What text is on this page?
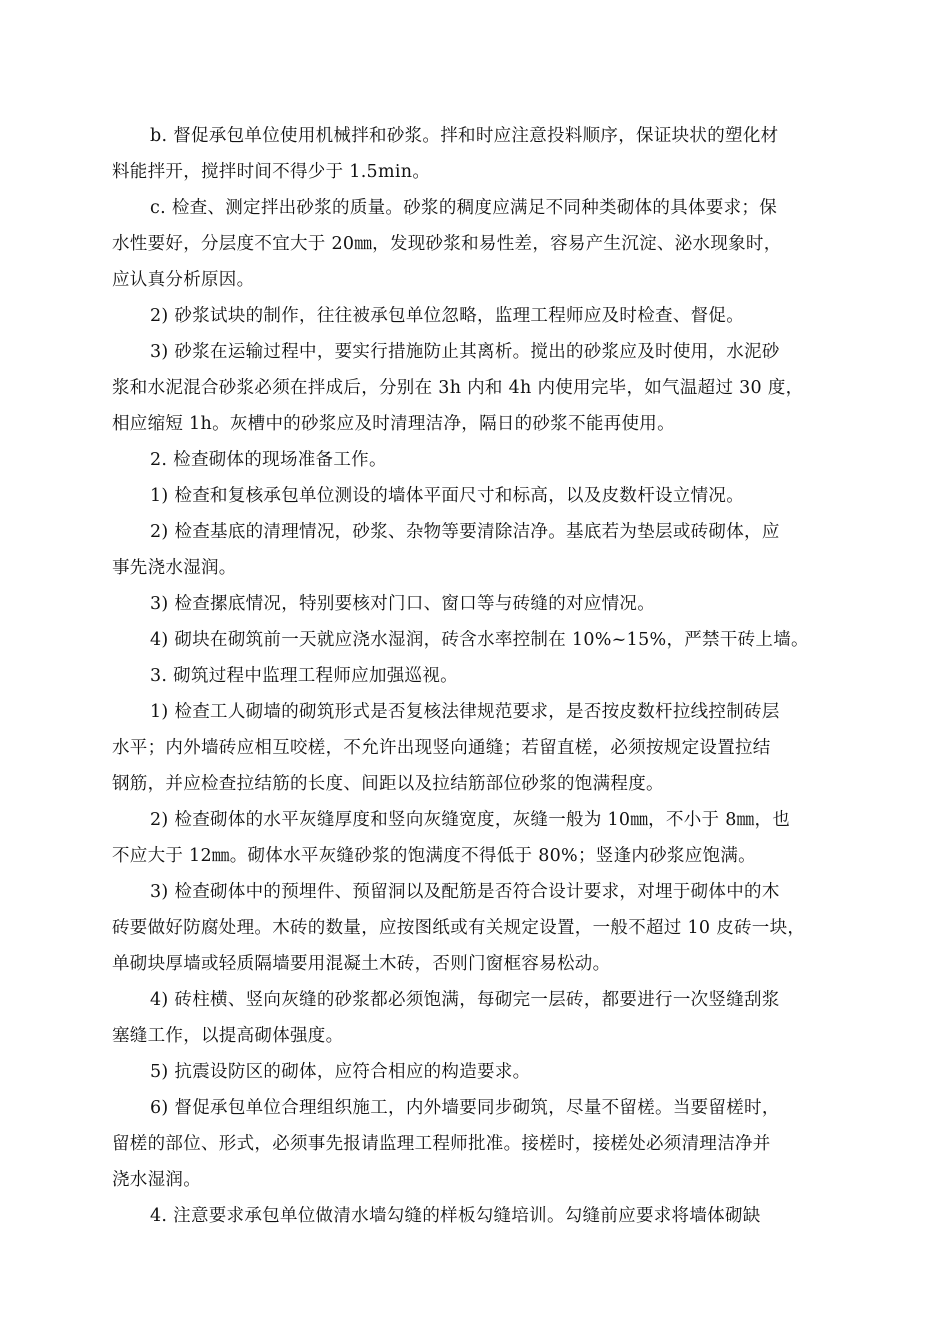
b. 督促承包单位使用机械拌和砂浆。拌和时应注意投料顺序，保证块状的塑化材
料能拌开，搅拌时间不得少于 1.5min。
c. 检查、测定拌出砂浆的质量。砂浆的稠度应满足不同种类砌体的具体要求；保
水性要好，分层度不宜大于 20㎜，发现砂浆和易性差，容易产生沉淀、泌水现象时，
应认真分析原因。
2) 砂浆试块的制作，往往被承包单位忽略，监理工程师应及时检查、督促。
3) 砂浆在运输过程中，要实行措施防止其离析。搅出的砂浆应及时使用，水泥砂
浆和水泥混合砂浆必须在拌成后，分别在 3h 内和 4h 内使用完毕，如气温超过 30 度，
相应缩短 1h。灰槽中的砂浆应及时清理洁净，隔日的砂浆不能再使用。
2. 检查砌体的现场准备工作。
1) 检查和复核承包单位测设的墙体平面尺寸和标高，以及皮数杆设立情况。
2) 检查基底的清理情况，砂浆、杂物等要清除洁净。基底若为垫层或砖砌体，应
事先浇水湿润。
3) 检查摞底情况，特别要核对门口、窗口等与砖缝的对应情况。
4) 砌块在砌筑前一天就应浇水湿润，砖含水率控制在 10%~15%，严禁干砖上墙。
3. 砌筑过程中监理工程师应加强巡视。
1) 检查工人砌墙的砌筑形式是否复核法律规范要求，是否按皮数杆拉线控制砖层
水平；内外墙砖应相互咬槎，不允许出现竖向通缝；若留直槎，必须按规定设置拉结
钢筋，并应检查拉结筋的长度、间距以及拉结筋部位砂浆的饱满程度。
2) 检查砌体的水平灰缝厚度和竖向灰缝宽度，灰缝一般为 10㎜，不小于 8㎜，也
不应大于 12㎜。砌体水平灰缝砂浆的饱满度不得低于 80%；竖逢内砂浆应饱满。
3) 检查砌体中的预埋件、预留洞以及配筋是否符合设计要求，对埋于砌体中的木
砖要做好防腐处理。木砖的数量，应按图纸或有关规定设置，一般不超过 10 皮砖一块，
单砌块厚墙或轻质隔墙要用混凝土木砖，否则门窗框容易松动。
4) 砖柱横、竖向灰缝的砂浆都必须饱满，每砌完一层砖，都要进行一次竖缝刮浆
塞缝工作，以提高砌体强度。
5) 抗震设防区的砌体，应符合相应的构造要求。
6) 督促承包单位合理组织施工，内外墙要同步砌筑，尽量不留槎。当要留槎时，
留槎的部位、形式，必须事先报请监理工程师批准。接槎时，接槎处必须清理洁净并
浇水湿润。
4. 注意要求承包单位做清水墙勾缝的样板勾缝培训。勾缝前应要求将墙体砌缺
